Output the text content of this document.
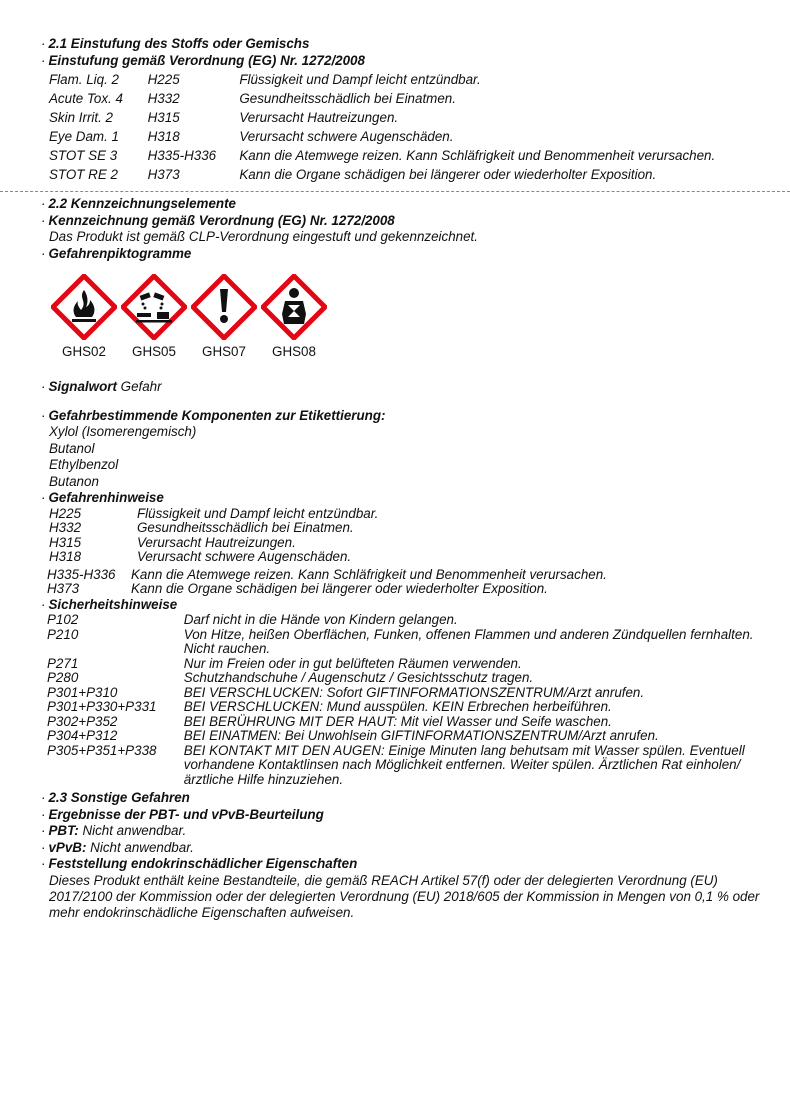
· 2.1 Einstufung des Stoffs oder Gemischs
· Einstufung gemäß Verordnung (EG) Nr. 1272/2008
Flam. Liq. 2	H225	Flüssigkeit und Dampf leicht entzündbar.
Acute Tox. 4	H332	Gesundheitsschädlich bei Einatmen.
Skin Irrit. 2	H315	Verursacht Hautreizungen.
Eye Dam. 1	H318	Verursacht schwere Augenschäden.
STOT SE 3	H335-H336	Kann die Atemwege reizen. Kann Schläfrigkeit und Benommenheit verursachen.
STOT RE 2	H373	Kann die Organe schädigen bei längerer oder wiederholter Exposition.
· 2.2 Kennzeichnungselemente
· Kennzeichnung gemäß Verordnung (EG) Nr. 1272/2008
Das Produkt ist gemäß CLP-Verordnung eingestuft und gekennzeichnet.
· Gefahrenpiktogramme
GHS02 GHS05 GHS07 GHS08
· Signalwort Gefahr
· Gefahrbestimmende Komponenten zur Etikettierung:
Xylol (Isomerengemisch)
Butanol
Ethylbenzol
Butanon
· Gefahrenhinweise
H225	Flüssigkeit und Dampf leicht entzündbar.
H332	Gesundheitsschädlich bei Einatmen.
H315	Verursacht Hautreizungen.
H318	Verursacht schwere Augenschäden.
H335-H336	Kann die Atemwege reizen. Kann Schläfrigkeit und Benommenheit verursachen.
H373	Kann die Organe schädigen bei längerer oder wiederholter Exposition.
· Sicherheitshinweise
P102	Darf nicht in die Hände von Kindern gelangen.
P210	Von Hitze, heißen Oberflächen, Funken, offenen Flammen und anderen Zündquellen fernhalten. Nicht rauchen.
P271	Nur im Freien oder in gut belüfteten Räumen verwenden.
P280	Schutzhandschuhe / Augenschutz / Gesichtsschutz tragen.
P301+P310	BEI VERSCHLUCKEN: Sofort GIFTINFORMATIONSZENTRUM/Arzt anrufen.
P301+P330+P331	BEI VERSCHLUCKEN: Mund ausspülen. KEIN Erbrechen herbeiführen.
P302+P352	BEI BERÜHRUNG MIT DER HAUT: Mit viel Wasser und Seife waschen.
P304+P312	BEI EINATMEN: Bei Unwohlsein GIFTINFORMATIONSZENTRUM/Arzt anrufen.
P305+P351+P338	BEI KONTAKT MIT DEN AUGEN: Einige Minuten lang behutsam mit Wasser spülen. Eventuell vorhandene Kontaktlinsen nach Möglichkeit entfernen. Weiter spülen. Ärztlichen Rat einholen/ärztliche Hilfe hinzuziehen.
· 2.3 Sonstige Gefahren
· Ergebnisse der PBT- und vPvB-Beurteilung
· PBT: Nicht anwendbar.
· vPvB: Nicht anwendbar.
· Feststellung endokrinschädlicher Eigenschaften
Dieses Produkt enthält keine Bestandteile, die gemäß REACH Artikel 57(f) oder der delegierten Verordnung (EU) 2017/2100 der Kommission oder der delegierten Verordnung (EU) 2018/605 der Kommission in Mengen von 0,1 % oder mehr endokrinschädliche Eigenschaften aufweisen.
